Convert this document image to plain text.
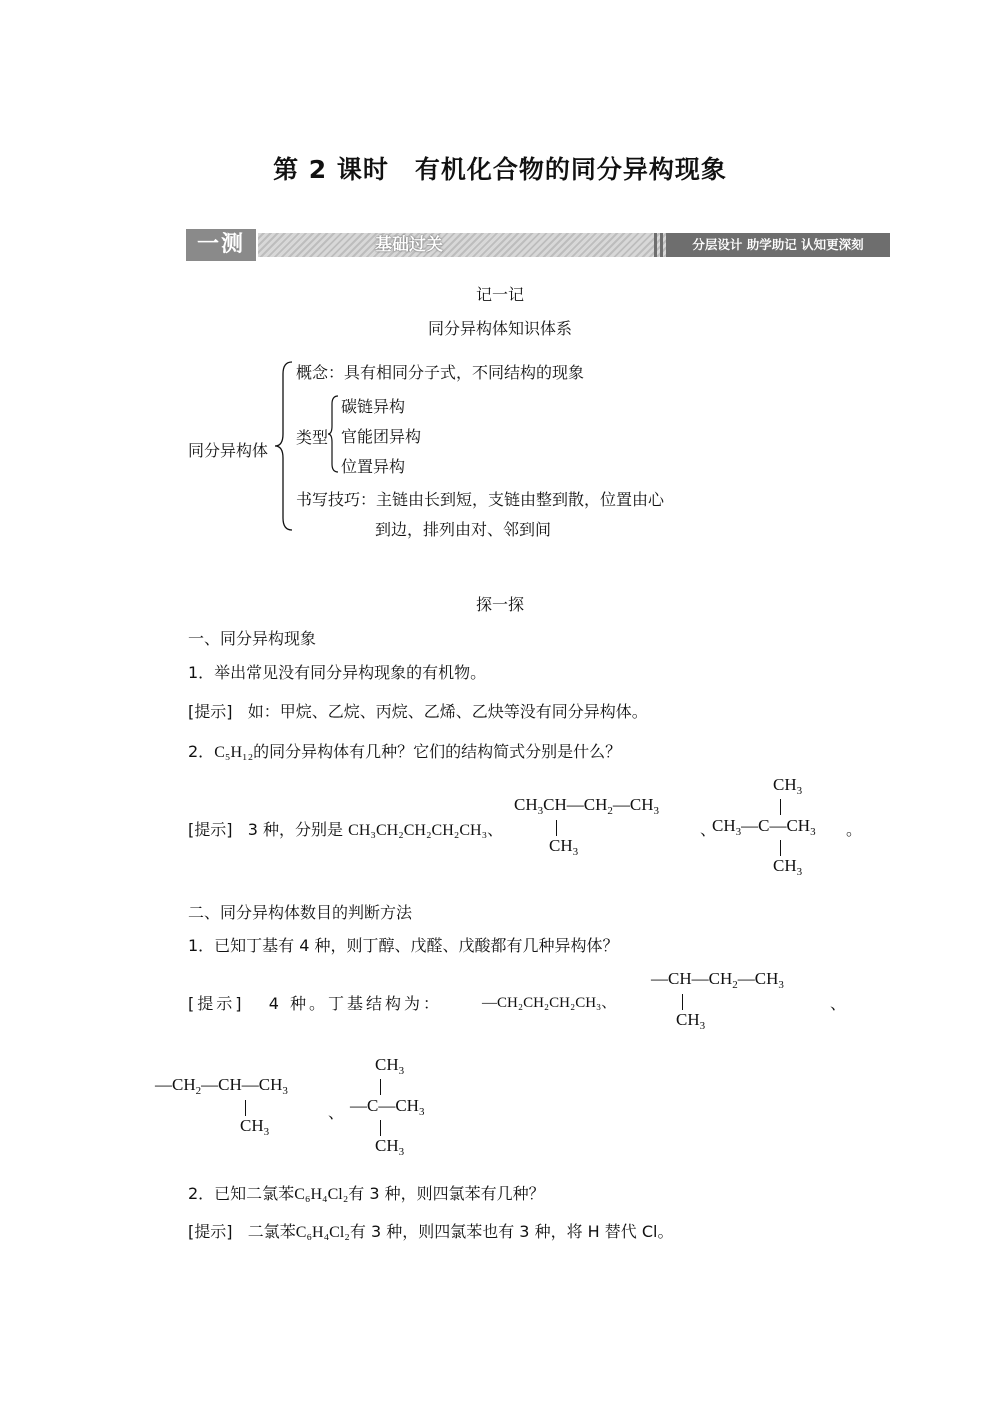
第 2 课时　有机化合物的同分异构现象
一测	基础过关	分层设计 助学助记 认知更深刻
记一记
同分异构体知识体系
同分异构体
概念：具有相同分子式，不同结构的现象
类型
碳链异构
官能团异构
位置异构
书写技巧：主链由长到短，支链由整到散，位置由心
到边，排列由对、邻到间
探一探
一、同分异构现象
1．举出常见没有同分异构现象的有机物。
[提示] 如：甲烷、乙烷、丙烷、乙烯、乙炔等没有同分异构体。
2．C₅H₁₂的同分异构体有几种？它们的结构简式分别是什么？
[提示] 3 种，分别是 CH₃CH₂CH₂CH₂CH₃、
$CH_3CH—CH_2—CH_3$
$CH_3$
、
$CH_3$
$CH_3—C—CH_3$
$CH_3$
。
二、同分异构体数目的判断方法
1．已知丁基有 4 种，则丁醇、戊醛、戊酸都有几种异构体？
[提示] 4 种。丁基结构为：	—CH₂CH₂CH₂CH₃、
$—CH—CH_2—CH_3$
$CH_3$
、
$—CH_2—CH—CH_3$
$CH_3$
、
$CH_3$
$—C—CH_3$
$CH_3$
2．已知二氯苯C₆H₄Cl₂有 3 种，则四氯苯有几种？
[提示] 二氯苯C₆H₄Cl₂有 3 种，则四氯苯也有 3 种，将 H 替代 Cl。
